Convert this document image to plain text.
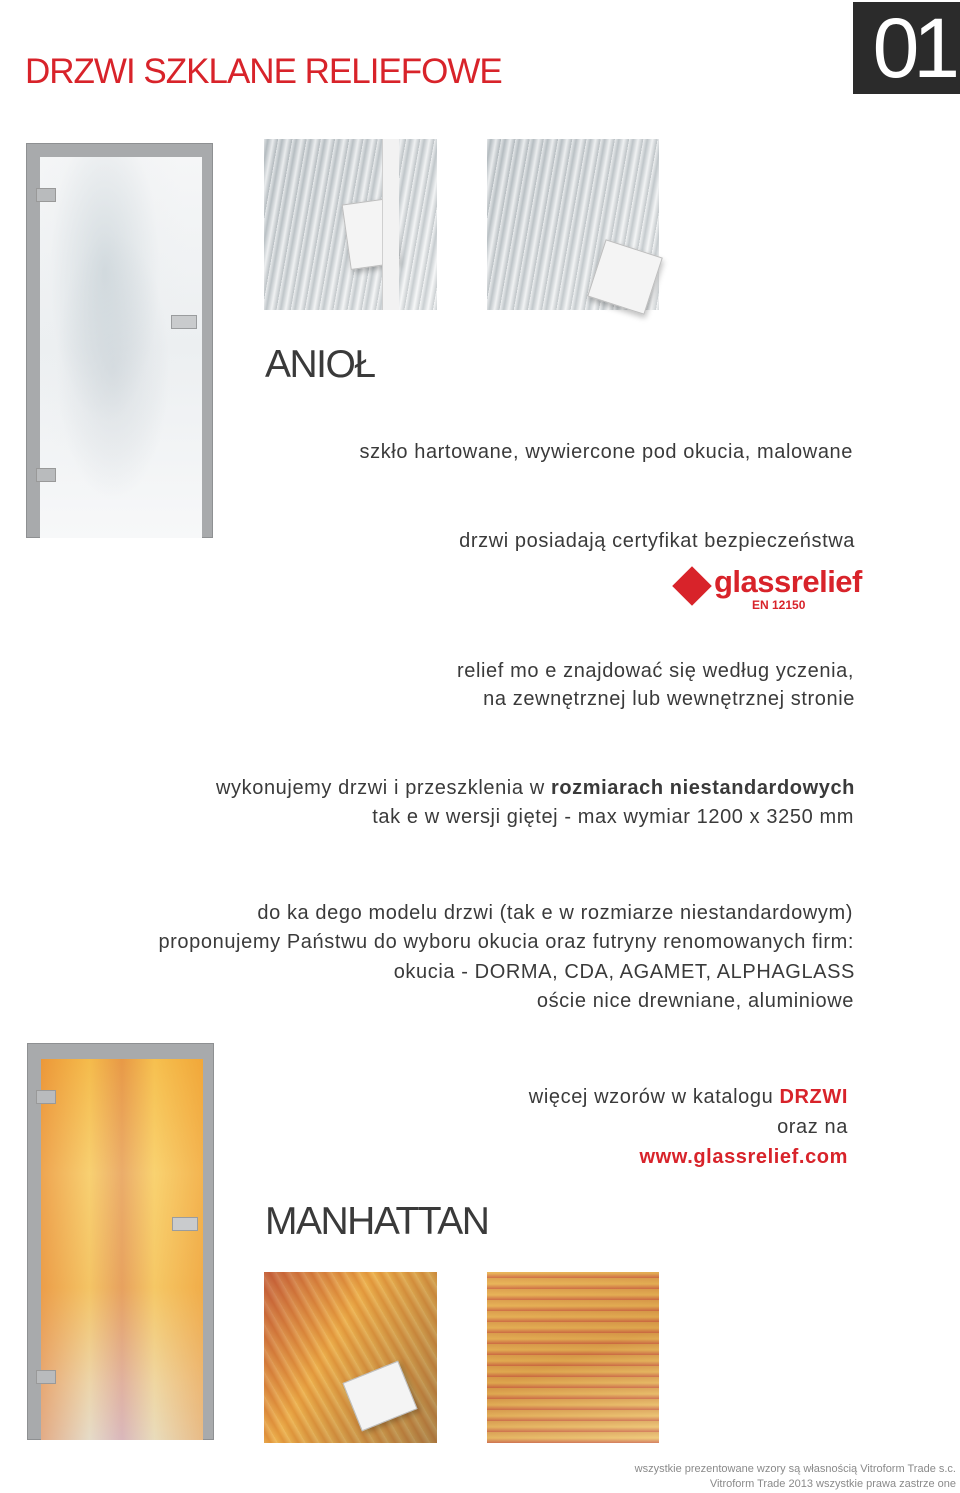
DRZWI SZKLANE RELIEFOWE	01
ANIOŁ
szkło hartowane, wywiercone pod okucia, malowane
drzwi posiadają certyfikat bezpieczeństwa
glassrelief
EN 12150
relief mo e znajdować się według yczenia,
na zewnętrznej lub wewnętrznej stronie
wykonujemy drzwi i przeszklenia w rozmiarach niestandardowych
tak e w wersji giętej - max wymiar 1200 x 3250 mm
do ka dego modelu drzwi (tak e w rozmiarze niestandardowym)
proponujemy Państwu do wyboru okucia oraz futryny renomowanych firm:
okucia - DORMA, CDA, AGAMET, ALPHAGLASS
oście nice drewniane, aluminiowe
więcej wzorów w katalogu DRZWI
oraz na
www.glassrelief.com
MANHATTAN
wszystkie prezentowane wzory są własnością Vitroform Trade s.c.
Vitroform Trade 2013 wszystkie prawa zastrze one
